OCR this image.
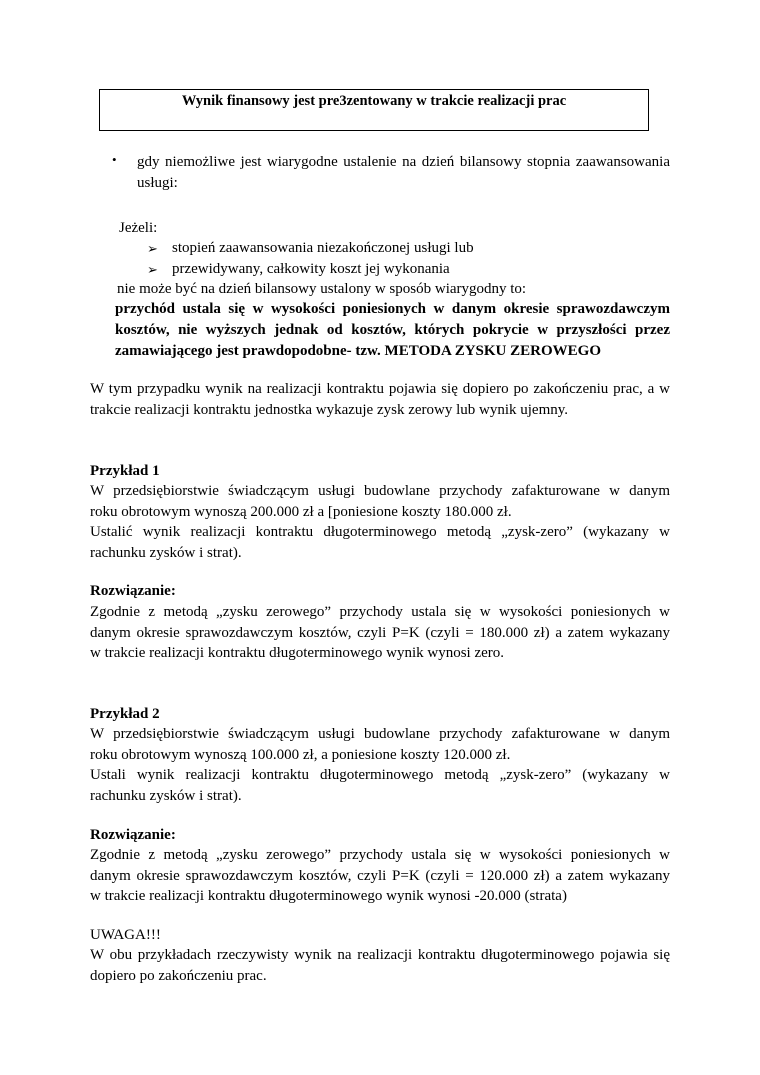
Wynik finansowy jest pre3zentowany w trakcie realizacji prac
• gdy niemożliwe jest wiarygodne ustalenie na dzień bilansowy stopnia zaawansowania
usługi:
Jeżeli:
➢ stopień zaawansowania niezakończonej usługi lub
➢ przewidywany, całkowity koszt jej wykonania
nie może być na dzień bilansowy ustalony w sposób wiarygodny to:
przychód ustala się w wysokości poniesionych w danym okresie sprawozdawczym
kosztów, nie wyższych jednak od kosztów, których pokrycie w przyszłości przez
zamawiającego jest prawdopodobne- tzw. METODA ZYSKU ZEROWEGO
W tym przypadku wynik na realizacji kontraktu pojawia się dopiero po zakończeniu prac, a w
trakcie realizacji kontraktu jednostka wykazuje zysk zerowy lub wynik ujemny.
Przykład 1
W przedsiębiorstwie świadczącym usługi budowlane przychody zafakturowane w danym
roku obrotowym wynoszą 200.000 zł a [poniesione koszty 180.000 zł.
Ustalić wynik realizacji kontraktu długoterminowego metodą „zysk-zero” (wykazany w
rachunku zysków i strat).
Rozwiązanie:
Zgodnie z metodą „zysku zerowego” przychody ustala się w wysokości poniesionych w
danym okresie sprawozdawczym kosztów, czyli P=K (czyli = 180.000 zł) a zatem wykazany
w trakcie realizacji kontraktu długoterminowego wynik wynosi zero.
Przykład 2
W przedsiębiorstwie świadczącym usługi budowlane przychody zafakturowane w danym
roku obrotowym wynoszą 100.000 zł, a poniesione koszty 120.000 zł.
Ustali wynik realizacji kontraktu długoterminowego metodą „zysk-zero” (wykazany w
rachunku zysków i strat).
Rozwiązanie:
Zgodnie z metodą „zysku zerowego” przychody ustala się w wysokości poniesionych w
danym okresie sprawozdawczym kosztów, czyli P=K (czyli = 120.000 zł) a zatem wykazany
w trakcie realizacji kontraktu długoterminowego wynik wynosi -20.000 (strata)
UWAGA!!!
W obu przykładach rzeczywisty wynik na realizacji kontraktu długoterminowego pojawia się
dopiero po zakończeniu prac.
